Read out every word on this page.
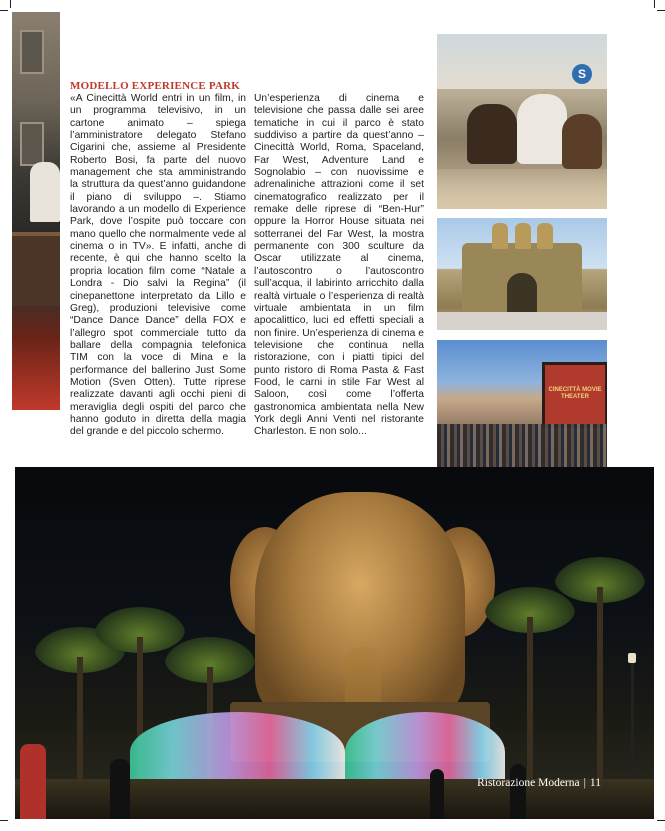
MODELLO EXPERIENCE PARK

«A Cinecittà World entri in un film, in un programma televisivo, in un cartone animato – spiega l’amministratore delegato Stefano Cigarini che, assieme al Presidente Roberto Bosi, fa parte del nuovo management che sta amministrando la struttura da quest’anno guidandone il piano di sviluppo –. Stiamo lavorando a un modello di Experience Park, dove l’ospite può toccare con mano quello che normalmente vede al cinema o in TV». E infatti, anche di recente, è qui che hanno scelto la propria location film come “Natale a Londra - Dio salvi la Regina” (il cinepanettone interpretato da Lillo e Greg), produzioni televisive come “Dance Dance Dance” della FOX e l’allegro spot commerciale tutto da ballare della compagnia telefonica TIM con la voce di Mina e la performance del ballerino Just Some Motion (Sven Otten). Tutte riprese realizzate davanti agli occhi pieni di meraviglia degli ospiti del parco che hanno goduto in diretta della magia del grande e del piccolo schermo.

Un’esperienza di cinema e televisione che passa dalle sei aree tematiche in cui il parco è stato suddiviso a partire da quest’anno – Cinecittà World, Roma, Spaceland, Far West, Adventure Land e Sognolabio – con nuovissime e adrenaliniche attrazioni come il set cinematografico realizzato per il remake delle riprese di “Ben-Hur” oppure la Horror House situata nei sotterranei del Far West, la mostra permanente con 300 sculture da Oscar utilizzate al cinema, l’autoscontro o l’autoscontro sull’acqua, il labirinto arricchito dalla realtà virtuale o l’esperienza di realtà virtuale ambientata in un film apocalittico, luci ed effetti speciali a non finire. Un’esperienza di cinema e televisione che continua nella ristorazione, con i piatti tipici del punto ristoro di Roma Pasta & Fast Food, le carni in stile Far West al Saloon, così come l’offerta gastronomica ambientata nella New York degli Anni Venti nel ristorante Charleston. E non solo...

S
CINECITTÀ MOVIE THEATER
Ristorazione Moderna | 11
